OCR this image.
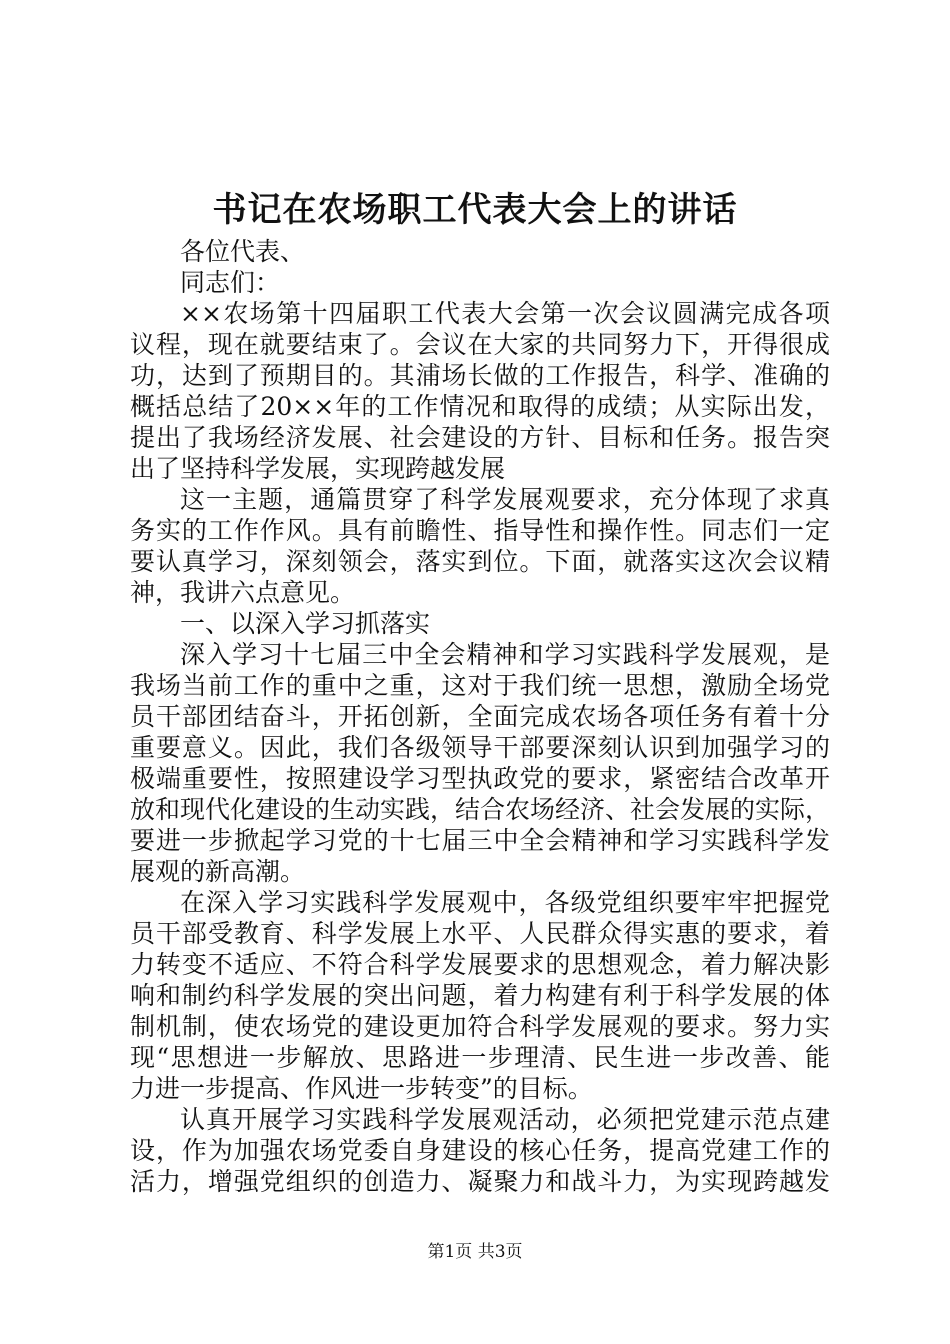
书记在农场职工代表大会上的讲话

各位代表、

同志们：

××农场第十四届职工代表大会第一次会议圆满完成各项

议程，现在就要结束了。会议在大家的共同努力下，开得很成

功，达到了预期目的。其浦场长做的工作报告，科学、准确的

概括总结了20××年的工作情况和取得的成绩；从实际出发，

提出了我场经济发展、社会建设的方针、目标和任务。报告突

出了坚持科学发展，实现跨越发展

这一主题，通篇贯穿了科学发展观要求，充分体现了求真

务实的工作作风。具有前瞻性、指导性和操作性。同志们一定

要认真学习，深刻领会，落实到位。下面，就落实这次会议精

神，我讲六点意见。

一、以深入学习抓落实

深入学习十七届三中全会精神和学习实践科学发展观，是

我场当前工作的重中之重，这对于我们统一思想，激励全场党

员干部团结奋斗，开拓创新，全面完成农场各项任务有着十分

重要意义。因此，我们各级领导干部要深刻认识到加强学习的

极端重要性，按照建设学习型执政党的要求，紧密结合改革开

放和现代化建设的生动实践，结合农场经济、社会发展的实际，

要进一步掀起学习党的十七届三中全会精神和学习实践科学发

展观的新高潮。

在深入学习实践科学发展观中，各级党组织要牢牢把握党

员干部受教育、科学发展上水平、人民群众得实惠的要求，着

力转变不适应、不符合科学发展要求的思想观念，着力解决影

响和制约科学发展的突出问题，着力构建有利于科学发展的体

制机制，使农场党的建设更加符合科学发展观的要求。努力实

现“思想进一步解放、思路进一步理清、民生进一步改善、能

力进一步提高、作风进一步转变”的目标。

认真开展学习实践科学发展观活动，必须把党建示范点建

设，作为加强农场党委自身建设的核心任务，提高党建工作的

活力，增强党组织的创造力、凝聚力和战斗力，为实现跨越发

第1页 共3页
